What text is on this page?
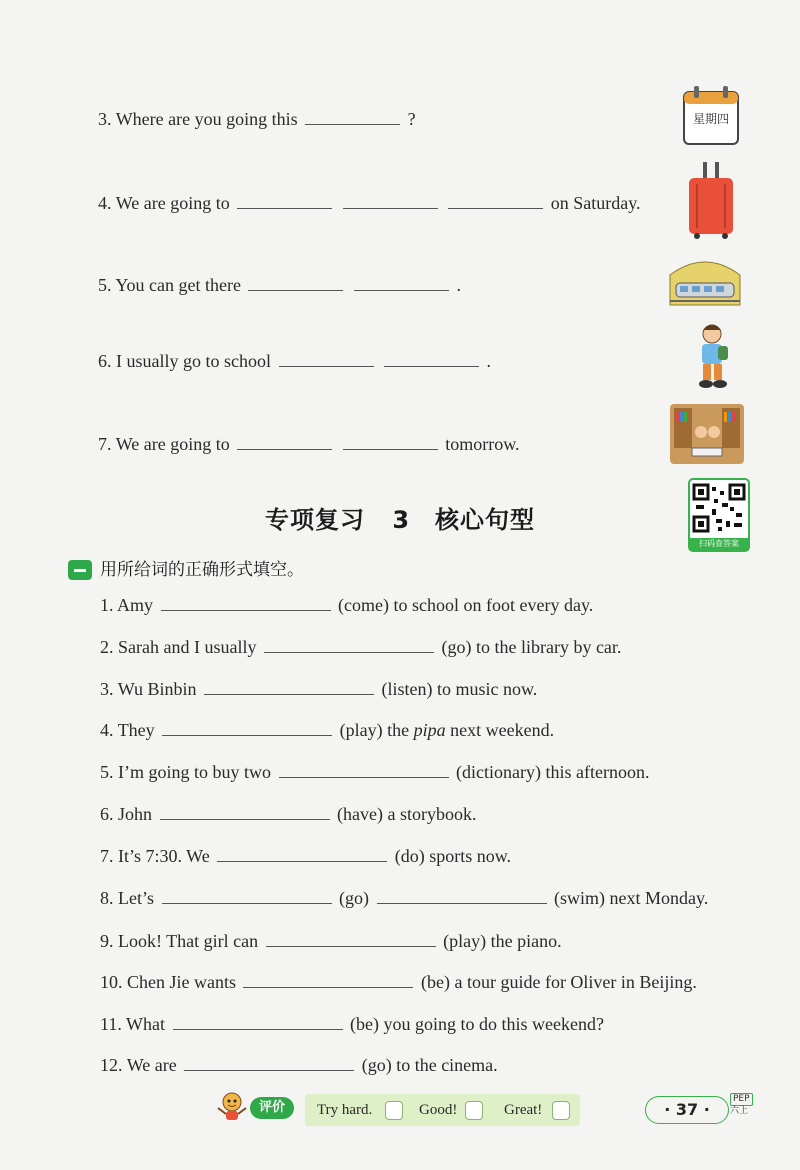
3. Where are you going this	?
4. We are going to	on Saturday.
5. You can get there	.
6. I usually go to school	.
7. We are going to	tomorrow.
星期四
专项复习 3　核心句型
扫码查答案
用所给词的正确形式填空。
1. Amy	(come) to school on foot every day.
2. Sarah and I usually	(go) to the library by car.
3. Wu Binbin	(listen) to music now.
4. They	(play) the pipa next weekend.
5. I’m going to buy two	(dictionary) this afternoon.
6. John	(have) a storybook.
7. It’s 7:30. We	(do) sports now.
8. Let’s	(go)	(swim) next Monday.
9. Look! That girl can	(play) the piano.
10. Chen Jie wants	(be) a tour guide for Oliver in Beijing.
11. What	(be) you going to do this weekend?
12. We are	(go) to the cinema.
评价	Try hard.	Good!	Great!	· 37 ·
PEP
六上
